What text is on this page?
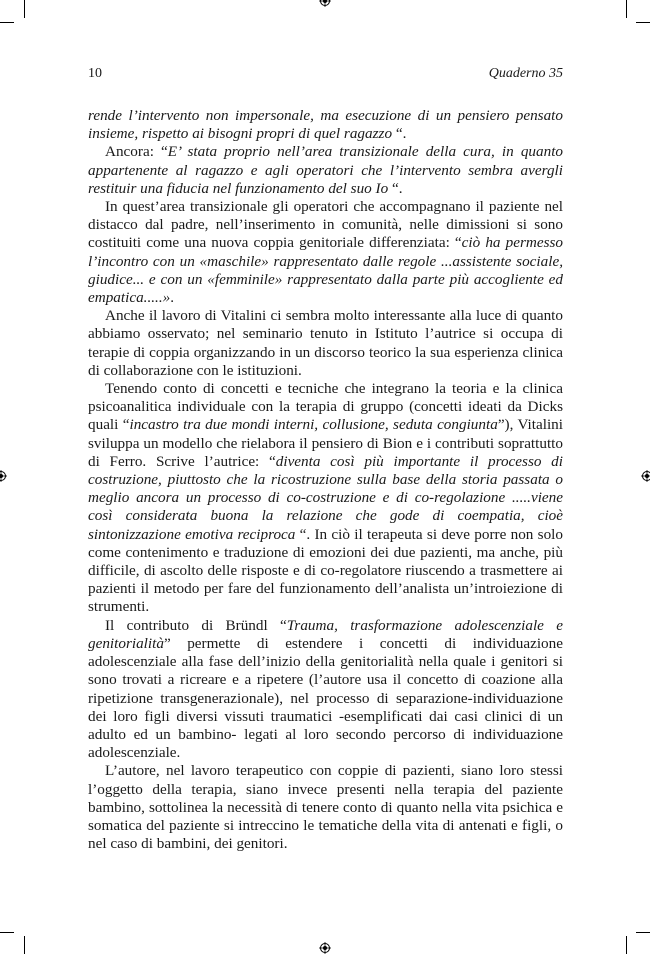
10	Quaderno 35

rende l’intervento non impersonale, ma esecuzione di un pensiero pensato insieme, rispetto ai bisogni propri di quel ragazzo “.

Ancora: “E’ stata proprio nell’area transizionale della cura, in quanto appartenente al ragazzo e agli operatori che l’intervento sembra avergli restituir una fiducia nel funzionamento del suo Io “.

In quest’area transizionale gli operatori che accompagnano il paziente nel distacco dal padre, nell’inserimento in comunità, nelle dimissioni si sono costituiti come una nuova coppia genitoriale differenziata: “ciò ha permesso l’incontro con un «maschile» rappresentato dalle regole ...assistente sociale, giudice... e con un «femminile» rappresentato dalla parte più accogliente ed empatica.....».

Anche il lavoro di Vitalini ci sembra molto interessante alla luce di quanto abbiamo osservato; nel seminario tenuto in Istituto l’autrice si occupa di terapie di coppia organizzando in un discorso teorico la sua esperienza clinica di collaborazione con le istituzioni.

Tenendo conto di concetti e tecniche che integrano la teoria e la clinica psicoanalitica individuale con la terapia di gruppo (concetti ideati da Dicks quali “incastro tra due mondi interni, collusione, seduta congiunta”), Vitalini sviluppa un modello che rielabora il pensiero di Bion e i contributi soprattutto di Ferro. Scrive l’autrice: “diventa così più importante il processo di costruzione, piuttosto che la ricostruzione sulla base della storia passata o meglio ancora un processo di co-costruzione e di co-regolazione .....viene così considerata buona la relazione che gode di coempatia, cioè sintonizzazione emotiva reciproca “. In ciò il terapeuta si deve porre non solo come contenimento e traduzione di emozioni dei due pazienti, ma anche, più difficile, di ascolto delle risposte e di co-regolatore riuscendo a trasmettere ai pazienti il metodo per fare del funzionamento dell’analista un’introiezione di strumenti.

Il contributo di Bründl “Trauma, trasformazione adolescenziale e genitorialità” permette di estendere i concetti di individuazione adolescenziale alla fase dell’inizio della genitorialità nella quale i genitori si sono trovati a ricreare e a ripetere (l’autore usa il concetto di coazione alla ripetizione transgenerazionale), nel processo di separazione-individuazione dei loro figli diversi vissuti traumatici -esemplificati dai casi clinici di un adulto ed un bambino- legati al loro secondo percorso di individuazione adolescenziale.

L’autore, nel lavoro terapeutico con coppie di pazienti, siano loro stessi l’oggetto della terapia, siano invece presenti nella terapia del paziente bambino, sottolinea la necessità di tenere conto di quanto nella vita psichica e somatica del paziente si intreccino le tematiche della vita di antenati e figli, o nel caso di bambini, dei genitori.
